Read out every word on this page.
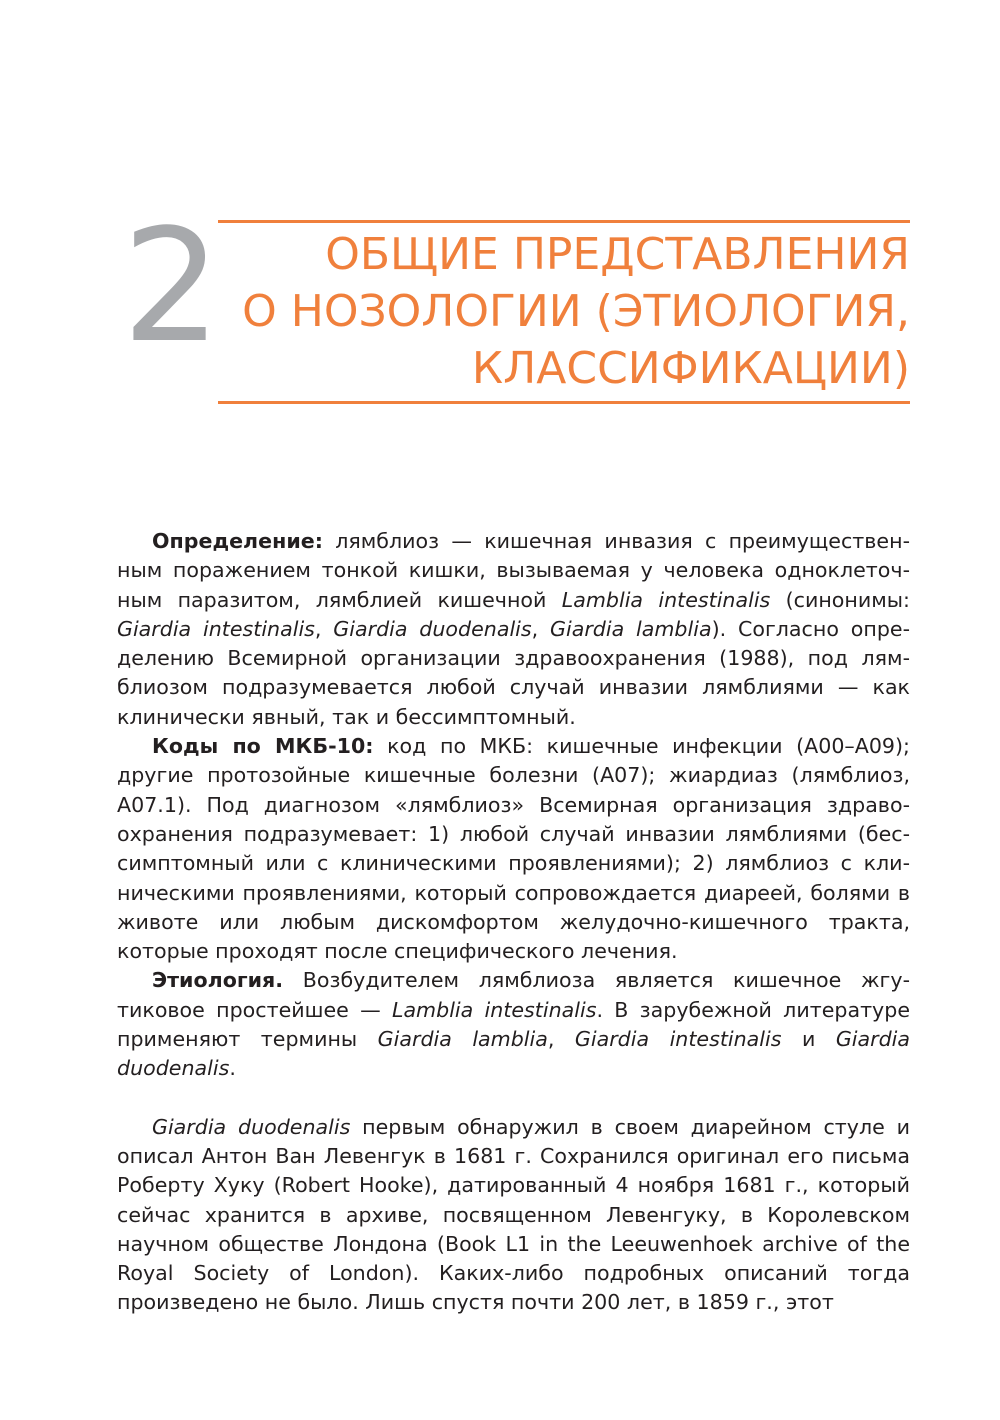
2	ОБЩИЕ ПРЕДСТАВЛЕНИЯ
О НОЗОЛОГИИ (ЭТИОЛОГИЯ,
КЛАССИФИКАЦИИ)

Определение: лямблиоз — кишечная инвазия с преимущественным поражением тонкой кишки, вызываемая у человека одноклеточным паразитом, лямблией кишечной Lamblia intestinalis (синонимы: Giardia intestinalis, Giardia duodenalis, Giardia lamblia). Согласно определению Всемирной организации здравоохранения (1988), под лямблиозом подразумевается любой случай инвазии лямблиями — как клинически явный, так и бессимптомный.

Коды по МКБ-10: код по МКБ: кишечные инфекции (A00–A09); другие протозойные кишечные болезни (A07); жиардиаз (лямблиоз, A07.1). Под диагнозом «лямблиоз» Всемирная организация здравоохранения подразумевает: 1) любой случай инвазии лямблиями (бессимптомный или с клиническими проявлениями); 2) лямблиоз с клиническими проявлениями, который сопровождается диареей, болями в животе или любым дискомфортом желудочно-кишечного тракта, которые проходят после специфического лечения.

Этиология. Возбудителем лямблиоза является кишечное жгутиковое простейшее — Lamblia intestinalis. В зарубежной литературе применяют термины Giardia lamblia, Giardia intestinalis и Giardia duodenalis.

Giardia duodenalis первым обнаружил в своем диарейном стуле и описал Антон Ван Левенгук в 1681 г. Сохранился оригинал его письма Роберту Хуку (Robert Hooke), датированный 4 ноября 1681 г., который сейчас хранится в архиве, посвященном Левенгуку, в Королевском научном обществе Лондона (Book L1 in the Leeuwenhoek archive of the Royal Society of London). Каких-либо подробных описаний тогда произведено не было. Лишь спустя почти 200 лет, в 1859 г., этот
